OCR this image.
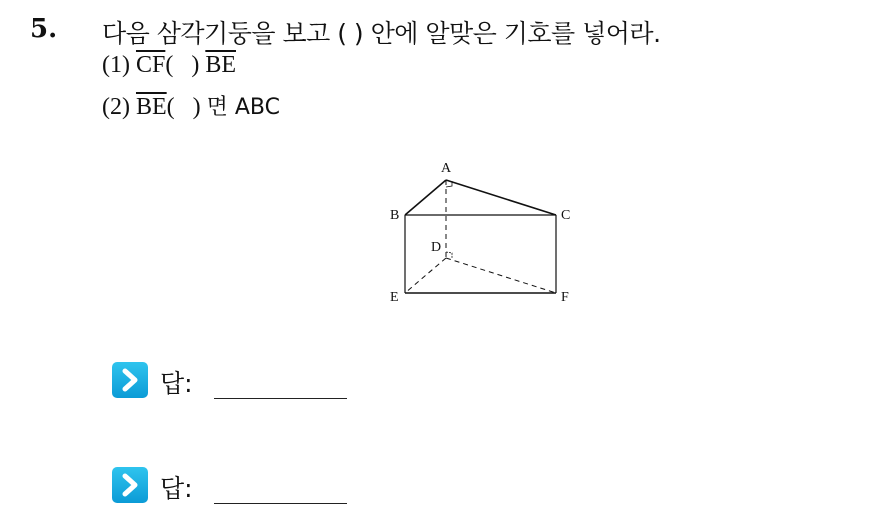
5. 다음 삼각기둥을 보고 ( ) 안에 알맞은 기호를 넣어라.
(1) $\overline{CF}$(   ) $\overline{BE}$
(2) $\overline{BE}$(   ) 면 ABC
A
B	C
D
E	F
답:
답:
